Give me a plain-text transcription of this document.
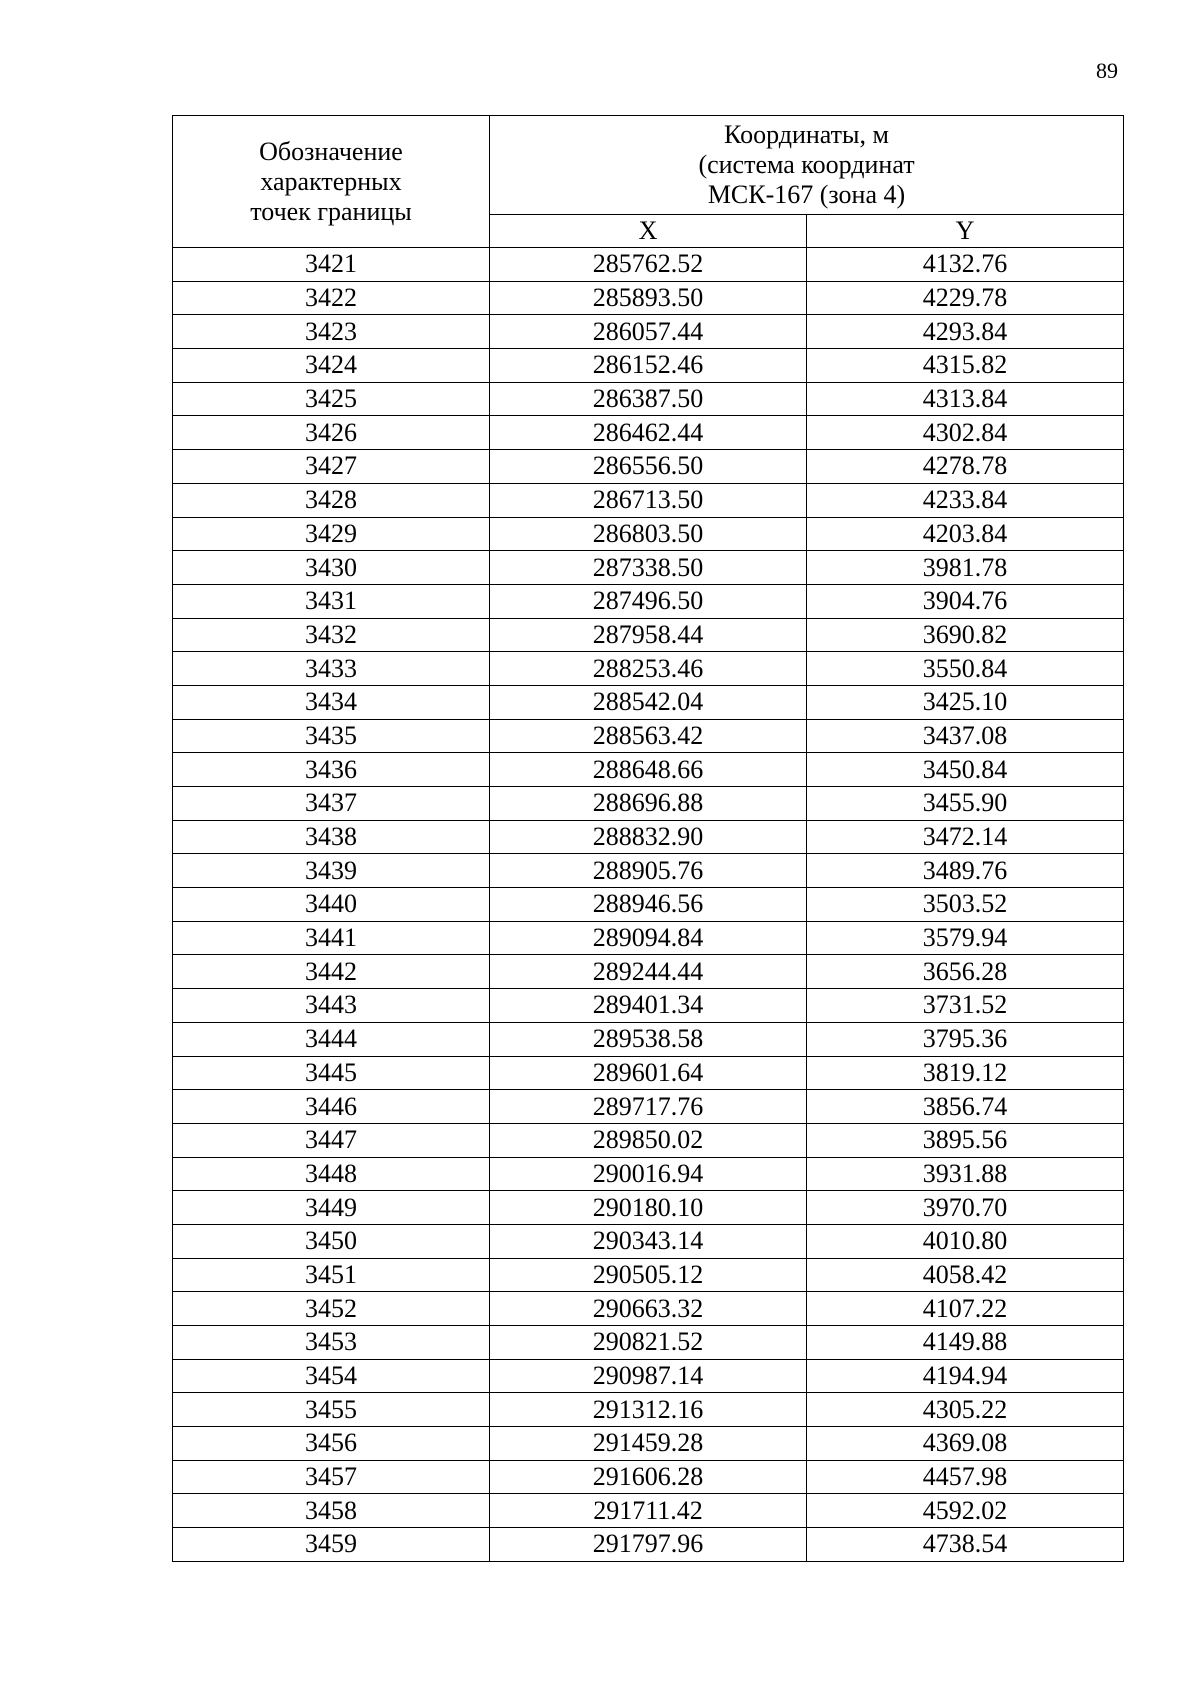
89
Обозначение
характерных
точек границы	Координаты, м
(система координат
МСК-167 (зона 4)	

	X	Y
3421	285762.52	4132.76
3422	285893.50	4229.78
3423	286057.44	4293.84
3424	286152.46	4315.82
3425	286387.50	4313.84
3426	286462.44	4302.84
3427	286556.50	4278.78
3428	286713.50	4233.84
3429	286803.50	4203.84
3430	287338.50	3981.78
3431	287496.50	3904.76
3432	287958.44	3690.82
3433	288253.46	3550.84
3434	288542.04	3425.10
3435	288563.42	3437.08
3436	288648.66	3450.84
3437	288696.88	3455.90
3438	288832.90	3472.14
3439	288905.76	3489.76
3440	288946.56	3503.52
3441	289094.84	3579.94
3442	289244.44	3656.28
3443	289401.34	3731.52
3444	289538.58	3795.36
3445	289601.64	3819.12
3446	289717.76	3856.74
3447	289850.02	3895.56
3448	290016.94	3931.88
3449	290180.10	3970.70
3450	290343.14	4010.80
3451	290505.12	4058.42
3452	290663.32	4107.22
3453	290821.52	4149.88
3454	290987.14	4194.94
3455	291312.16	4305.22
3456	291459.28	4369.08
3457	291606.28	4457.98
3458	291711.42	4592.02
3459	291797.96	4738.54
